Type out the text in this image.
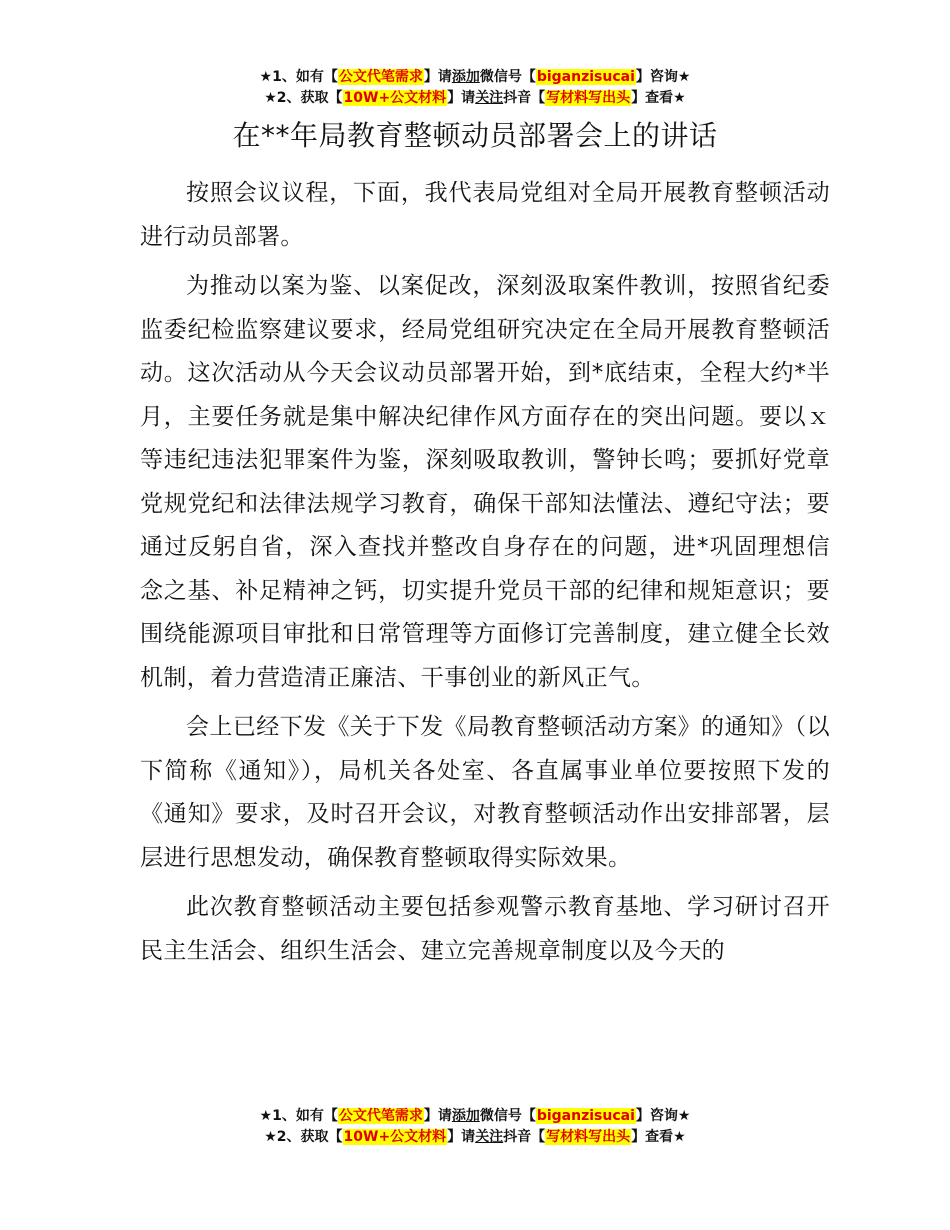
★1、如有【公文代笔需求】请添加微信号【biganzisucai】咨询★
★2、获取【10W+公文材料】请关注抖音【写材料写出头】查看★
在**年局教育整顿动员部署会上的讲话

按照会议议程，下面，我代表局党组对全局开展教育整顿活动进行动员部署。

为推动以案为鉴、以案促改，深刻汲取案件教训，按照省纪委监委纪检监察建议要求，经局党组研究决定在全局开展教育整顿活动。这次活动从今天会议动员部署开始，到*底结束，全程大约*半月，主要任务就是集中解决纪律作风方面存在的突出问题。要以ｘ等违纪违法犯罪案件为鉴，深刻吸取教训，警钟长鸣；要抓好党章党规党纪和法律法规学习教育，确保干部知法懂法、遵纪守法；要通过反躬自省，深入查找并整改自身存在的问题，进*巩固理想信念之基、补足精神之钙，切实提升党员干部的纪律和规矩意识；要围绕能源项目审批和日常管理等方面修订完善制度，建立健全长效机制，着力营造清正廉洁、干事创业的新风正气。

会上已经下发《关于下发《局教育整顿活动方案》的通知》（以下简称《通知》），局机关各处室、各直属事业单位要按照下发的《通知》要求，及时召开会议，对教育整顿活动作出安排部署，层层进行思想发动，确保教育整顿取得实际效果。

此次教育整顿活动主要包括参观警示教育基地、学习研讨召开民主生活会、组织生活会、建立完善规章制度以及今天的

★1、如有【公文代笔需求】请添加微信号【biganzisucai】咨询★
★2、获取【10W+公文材料】请关注抖音【写材料写出头】查看★
